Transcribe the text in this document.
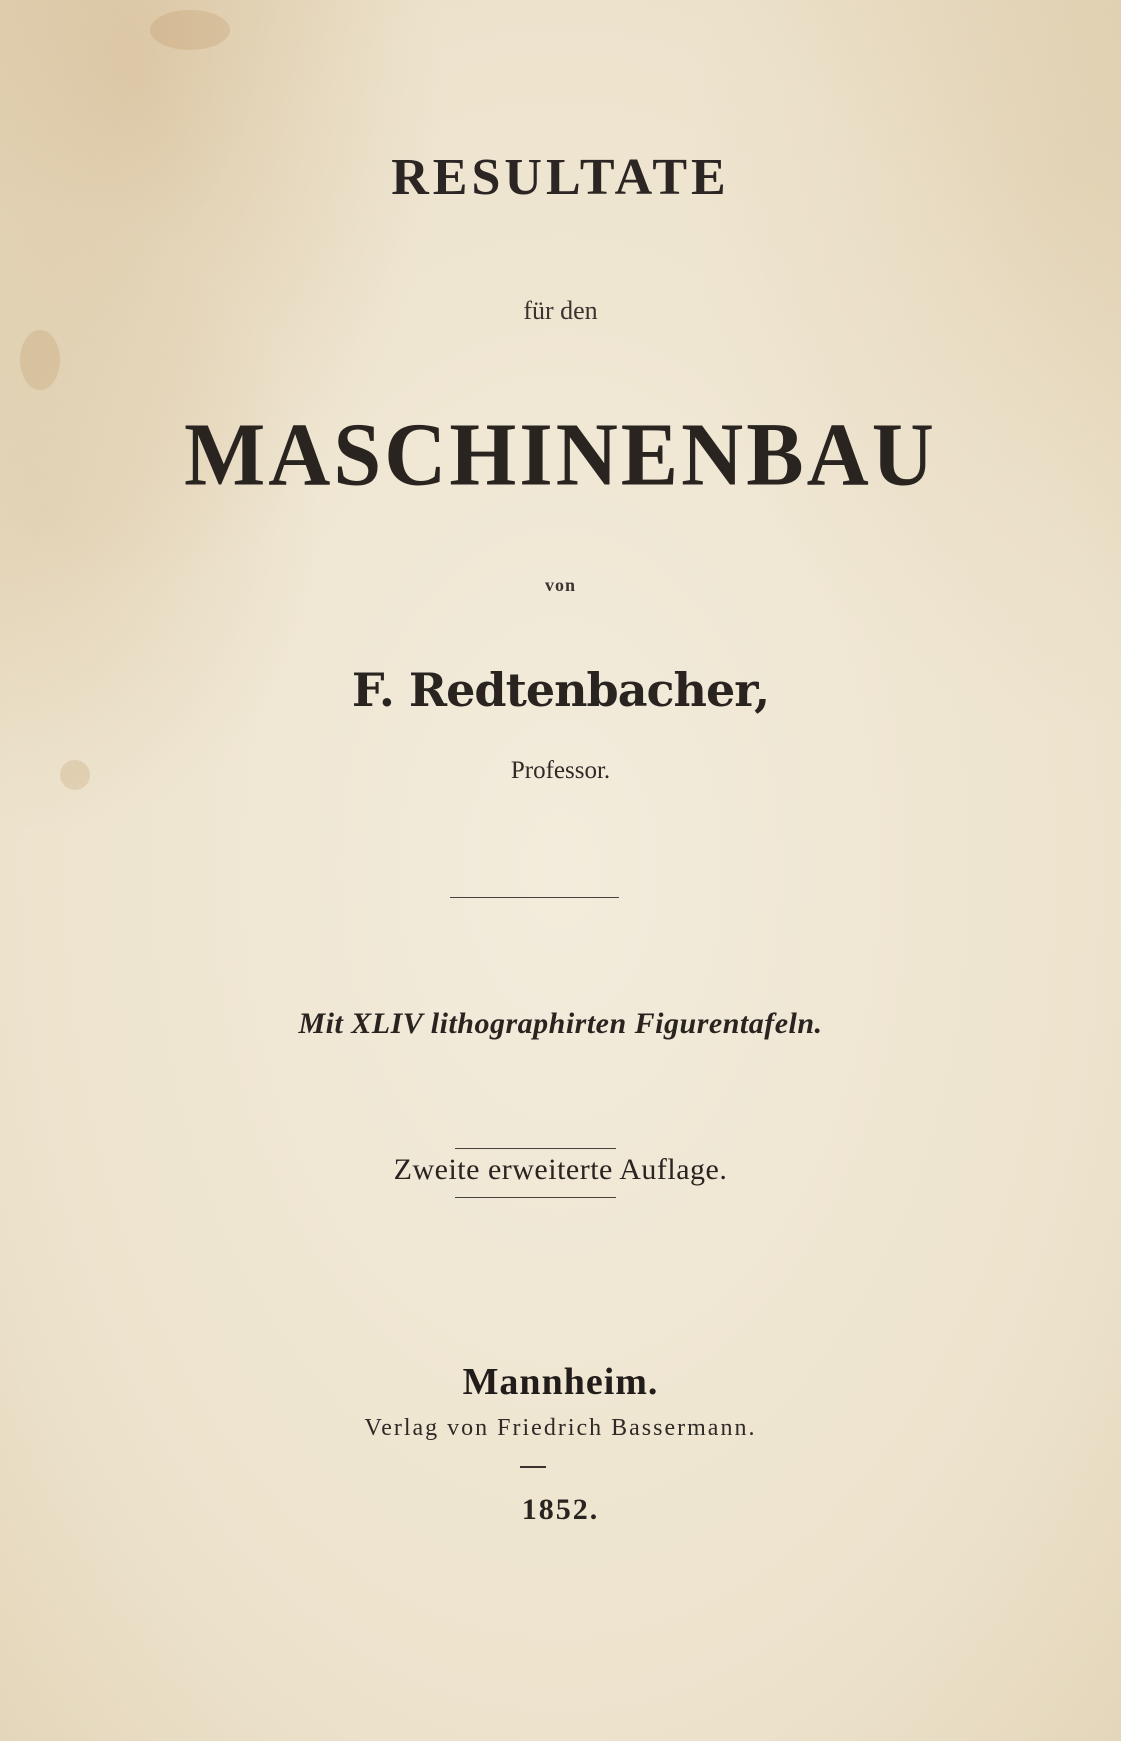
RESULTATE
für den
MASCHINENBAU
von
F. Redtenbacher,
Professor.
Mit XLIV lithographirten Figurentafeln.
Zweite erweiterte Auflage.
Mannheim.
Verlag von Friedrich Bassermann.
1852.
